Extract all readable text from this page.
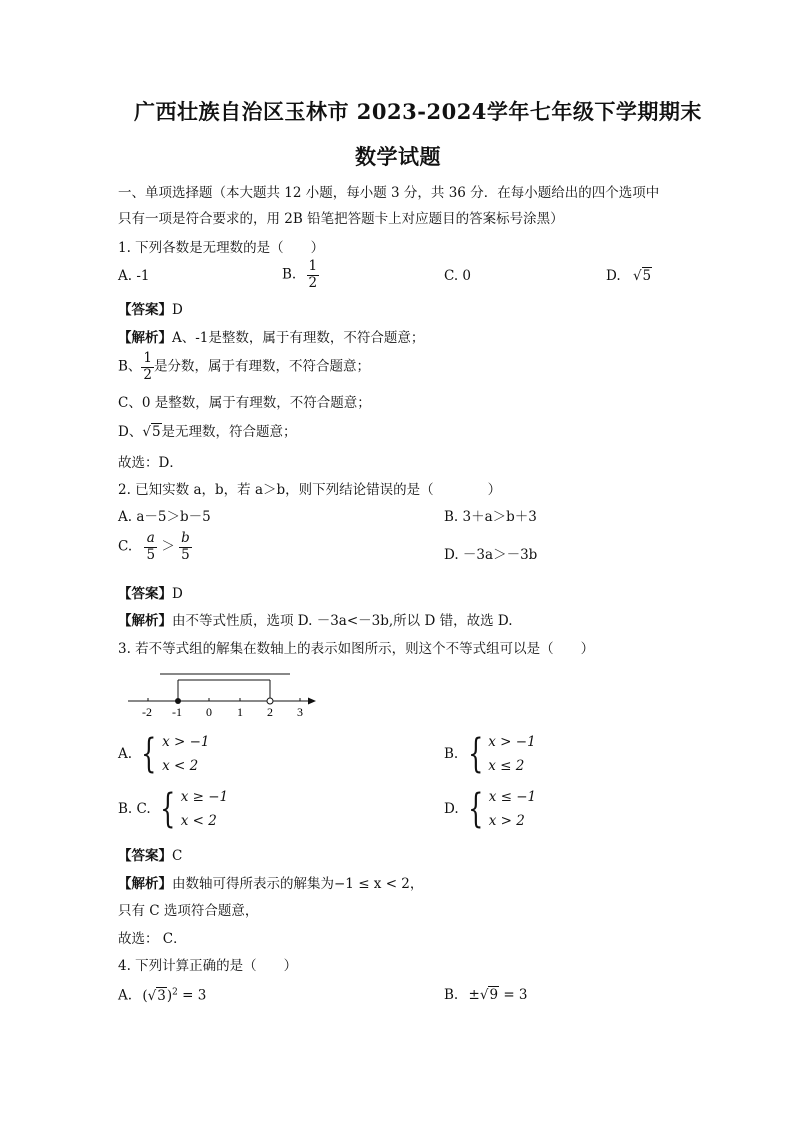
广西壮族自治区玉林市 2023-2024学年七年级下学期期末
数学试题
一、单项选择题（本大题共 12 小题，每小题 3 分，共 36 分．在每小题给出的四个选项中
只有一项是符合要求的，用 2B 铅笔把答题卡上对应题目的答案标号涂黑）
1. 下列各数是无理数的是（　　）
A. -1	B. $\frac{1}{2}$	C. 0	D. √5
【答案】D
【解析】A、-1是整数，属于有理数，不符合题意；
B、 $\frac{1}{2}$ 是分数，属于有理数，不符合题意；
C、0 是整数，属于有理数，不符合题意；
D、√5是无理数，符合题意；
故选：D．
2. 已知实数 a，b，若 a＞b，则下列结论错误的是（　　　　）
A. a－5＞b－5	B. 3＋a＞b＋3
C. $\frac{a}{5} > \frac{b}{5}$	D. －3a＞－3b
【答案】D
【解析】由不等式性质，选项 D. －3a<－3b,所以 D 错，故选 D.
3. 若不等式组的解集在数轴上的表示如图所示，则这个不等式组可以是（　　）
-2 -1 0 1 2 3
A. { x > −1
x < 2
B. { x > −1
x ≤ 2
B. C. { x ≥ −1
x < 2
D. { x ≤ −1
x > 2
【答案】C
【解析】由数轴可得所表示的解集为−1 ≤ x < 2，
只有 C 选项符合题意，
故选： C．
4. 下列计算正确的是（　　）
A. $(√3)^2 = 3$	B. ±√9 = 3
